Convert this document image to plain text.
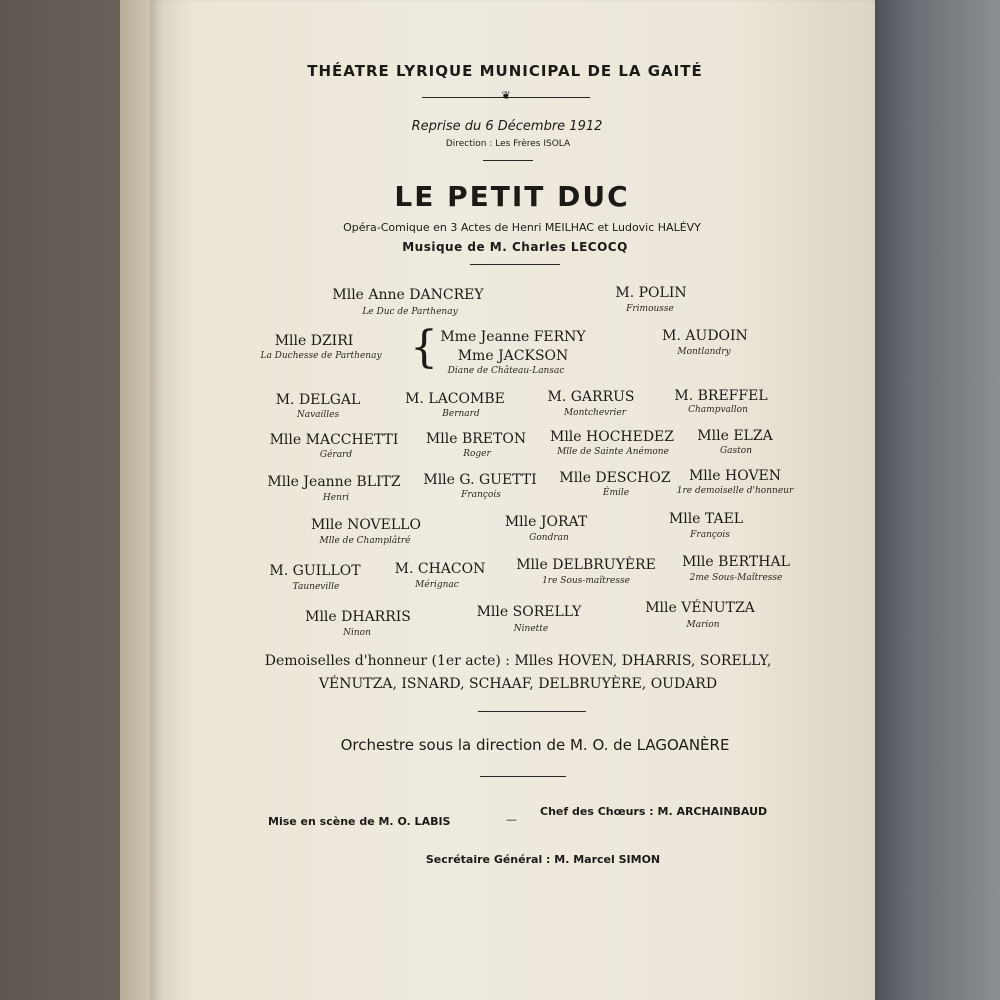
THÉATRE LYRIQUE MUNICIPAL DE LA GAITÉ
❦
Reprise du 6 Décembre 1912
Direction : Les Frères ISOLA
LE PETIT DUC
Opéra-Comique en 3 Actes de Henri MEILHAC et Ludovic HALÉVY
Musique de M. Charles LECOCQ
Mlle Anne DANCREY
Le Duc de Parthenay
M. POLIN
Frimousse
Mlle DZIRI
La Duchesse de Parthenay { Mme Jeanne FERNY
Mme JACKSON
Diane de Château-Lansac
M. AUDOIN
Montlandry
M. DELGAL
Navailles
M. LACOMBE
Bernard
M. GARRUS
Montchevrier
M. BREFFEL
Champvallon
Mlle MACCHETTI
Gérard
Mlle BRETON
Roger
Mlle HOCHEDEZ
Mlle de Sainte Anémone
Mlle ELZA
Gaston
Mlle Jeanne BLITZ
Henri
Mlle G. GUETTI
François
Mlle DESCHOZ
Émile
Mlle HOVEN
1re demoiselle d'honneur
Mlle NOVELLO
Mlle de Champlâtré
Mlle JORAT
Gondran
Mlle TAEL
François
M. GUILLOT
Tauneville
M. CHACON
Mérignac
Mlle DELBRUYÈRE
1re Sous-maîtresse
Mlle BERTHAL
2me Sous-Maîtresse
Mlle DHARRIS
Ninon
Mlle SORELLY
Ninette
Mlle VÉNUTZA
Marion
Demoiselles d'honneur (1er acte) : Mlles HOVEN, DHARRIS, SORELLY,
VÉNUTZA, ISNARD, SCHAAF, DELBRUYÈRE, OUDARD
Orchestre sous la direction de M. O. de LAGOANÈRE
Mise en scène de M. O. LABIS	—
Chef des Chœurs : M. ARCHAINBAUD
Secrétaire Général : M. Marcel SIMON
